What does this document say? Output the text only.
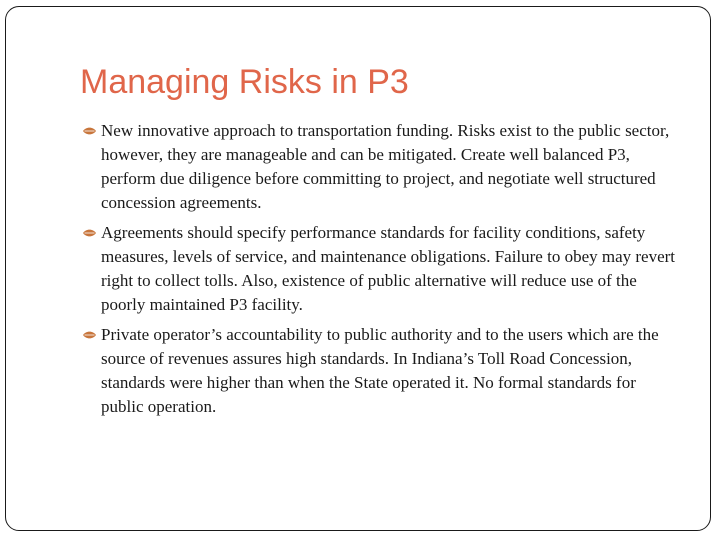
Managing Risks in P3
New innovative approach to transportation funding. Risks exist to the public sector, however, they are manageable and can be mitigated. Create well balanced P3, perform due diligence before committing to project, and negotiate well structured concession agreements.
Agreements should specify performance standards for facility conditions, safety measures, levels of service, and maintenance obligations. Failure to obey may revert right to collect tolls. Also, existence of public alternative will reduce use of the poorly maintained P3 facility.
Private operator’s accountability to public authority and to the users which are the source of revenues assures high standards. In Indiana’s Toll Road Concession, standards were higher than when the State operated it. No formal standards for public operation.
